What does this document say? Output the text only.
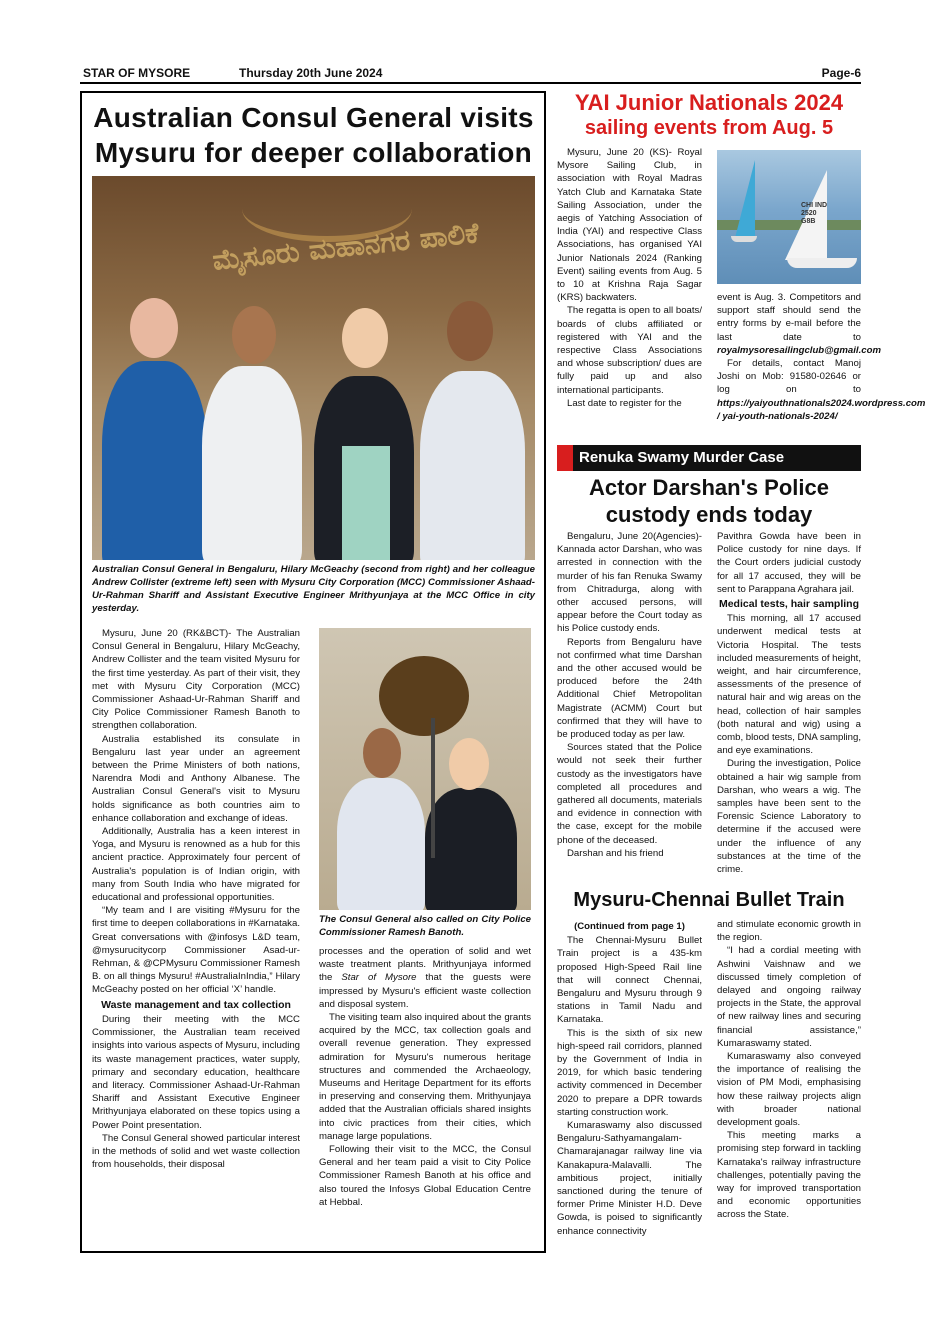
STAR OF MYSORE	Thursday 20th June 2024	Page-6
Australian Consul General visits
Mysuru for deeper collaboration
ಮೈಸೂರು ಮಹಾನಗರ ಪಾಲಿಕೆ
Australian Consul General in Bengaluru, Hilary McGeachy (second from right) and her colleague Andrew Collister (extreme left) seen with Mysuru City Corporation (MCC) Commissioner Ashaad-Ur-Rahman Shariff and Assistant Executive Engineer Mrithyunjaya at the MCC Office in city yesterday.

Mysuru, June 20 (RK&BCT)- The Australian Consul General in Bengaluru, Hilary McGeachy, Andrew Collister and the team visited Mysuru for the first time yesterday. As part of their visit, they met with Mysuru City Corporation (MCC) Commissioner Ashaad-Ur-Rahman Shariff and City Police Commissioner Ramesh Banoth to strengthen collaboration.

Australia established its consulate in Bengaluru last year under an agreement between the Prime Ministers of both nations, Narendra Modi and Anthony Albanese. The Australian Consul General's visit to Mysuru holds significance as both countries aim to enhance collaboration and exchange of ideas.

Additionally, Australia has a keen interest in Yoga, and Mysuru is renowned as a hub for this ancient practice. Approximately four percent of Australia's population is of Indian origin, with many from South India who have migrated for educational and professional opportunities.

“My team and I are visiting #Mysuru for the first time to deepen collaborations in #Karnataka. Great conversations with @infosys L&D team, @mysurucitycorp Commissioner Asad-ur-Rehman, & @CPMysuru Commissioner Ramesh B. on all things Mysuru! #AustraliaInIndia,” Hilary McGeachy posted on her official ‘X’ handle.

Waste management and tax collection

During their meeting with the MCC Commissioner, the Australian team received insights into various aspects of Mysuru, including its waste management practices, water supply, primary and secondary education, healthcare and literacy. Commissioner Ashaad-Ur-Rahman Shariff and Assistant Executive Engineer Mrithyunjaya elaborated on these topics using a Power Point presentation.

The Consul General showed particular interest in the methods of solid and wet waste collection from households, their disposal

The Consul General also called on City Police Commissioner Ramesh Banoth.

processes and the operation of solid and wet waste treatment plants. Mrithyunjaya informed the Star of Mysore that the guests were impressed by Mysuru's efficient waste collection and disposal system.

The visiting team also inquired about the grants acquired by the MCC, tax collection goals and overall revenue generation. They expressed admiration for Mysuru's numerous heritage structures and commended the Archaeology, Museums and Heritage Department for its efforts in preserving and conserving them. Mrithyunjaya added that the Australian officials shared insights into civic practices from their cities, which manage large populations.

Following their visit to the MCC, the Consul General and her team paid a visit to City Police Commissioner Ramesh Banoth at his office and also toured the Infosys Global Education Centre at Hebbal.

YAI Junior Nationals 2024
sailing events from Aug. 5

Mysuru, June 20 (KS)- Royal Mysore Sailing Club, in association with Royal Madras Yatch Club and Karnataka State Sailing Association, under the aegis of Yatching Association of India (YAI) and respective Class Associations, has organised YAI Junior Nationals 2024 (Ranking Event) sailing events from Aug. 5 to 10 at Krishna Raja Sagar (KRS) backwaters.

The regatta is open to all boats/ boards of clubs affiliated or registered with YAI and the respective Class Associations and whose subscription/ dues are fully paid up and also international participants.

Last date to register for the

CHI IND 2520 G8B

event is Aug. 3. Competitors and support staff should send the entry forms by e-mail before the last date to royalmysoresailingclub@gmail.com

For details, contact Manoj Joshi on Mob: 91580-02646 or log on to https://yaiyouthnationals2024.wordpress.com / yai-youth-nationals-2024/

Renuka Swamy Murder Case
Actor Darshan's Police
custody ends today

Bengaluru, June 20(Agencies)- Kannada actor Darshan, who was arrested in connection with the murder of his fan Renuka Swamy from Chitradurga, along with other accused persons, will appear before the Court today as his Police custody ends.

Reports from Bengaluru have not confirmed what time Darshan and the other accused would be produced before the 24th Additional Chief Metropolitan Magistrate (ACMM) Court but confirmed that they will have to be produced today as per law.

Sources stated that the Police would not seek their further custody as the investigators have completed all procedures and gathered all documents, materials and evidence in connection with the case, except for the mobile phone of the deceased.

Darshan and his friend

Pavithra Gowda have been in Police custody for nine days. If the Court orders judicial custody for all 17 accused, they will be sent to Parappana Agrahara jail.

Medical tests, hair sampling

This morning, all 17 accused underwent medical tests at Victoria Hospital. The tests included measurements of height, weight, and hair circumference, assessments of the presence of natural hair and wig areas on the head, collection of hair samples (both natural and wig) using a comb, blood tests, DNA sampling, and eye examinations.

During the investigation, Police obtained a hair wig sample from Darshan, who wears a wig. The samples have been sent to the Forensic Science Laboratory to determine if the accused were under the influence of any substances at the time of the crime.

Mysuru-Chennai Bullet Train
(Continued from page 1)

The Chennai-Mysuru Bullet Train project is a 435-km proposed High-Speed Rail line that will connect Chennai, Bengaluru and Mysuru through 9 stations in Tamil Nadu and Karnataka.

This is the sixth of six new high-speed rail corridors, planned by the Government of India in 2019, for which basic tendering activity commenced in December 2020 to prepare a DPR towards starting construction work.

Kumaraswamy also discussed Bengaluru-Sathyamangalam-Chamarajanagar railway line via Kanakapura-Malavalli. The ambitious project, initially sanctioned during the tenure of former Prime Minister H.D. Deve Gowda, is poised to significantly enhance connectivity

and stimulate economic growth in the region.

“I had a cordial meeting with Ashwini Vaishnaw and we discussed timely completion of delayed and ongoing railway projects in the State, the approval of new railway lines and securing financial assistance,” Kumaraswamy stated.

Kumaraswamy also conveyed the importance of realising the vision of PM Modi, emphasising how these railway projects align with broader national development goals.

This meeting marks a promising step forward in tackling Karnataka's railway infrastructure challenges, potentially paving the way for improved transportation and economic opportunities across the State.
